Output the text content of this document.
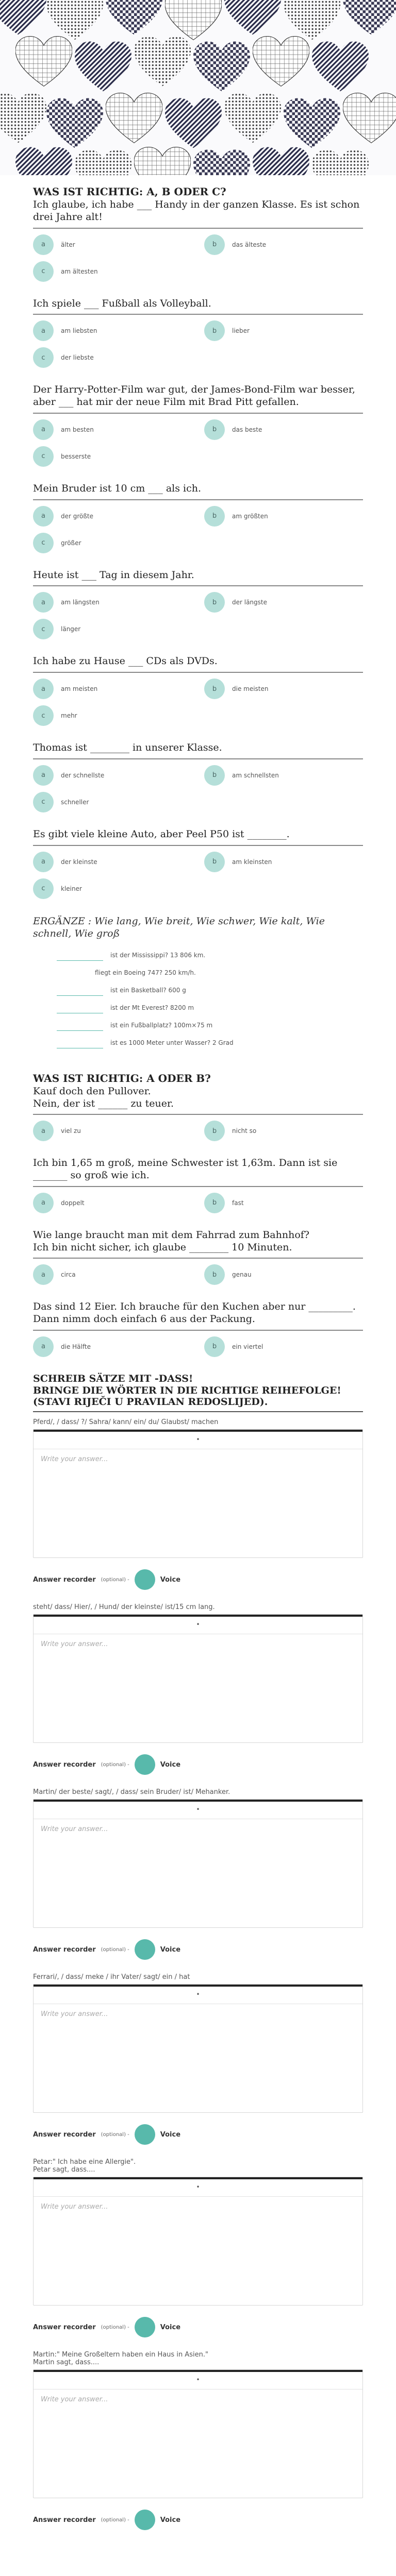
WAS IST RICHTIG: A, B ODER C?
Ich glaube, ich habe ___ Handy in der ganzen Klasse. Es ist schon drei Jahre alt!
a	älter	b	das älteste
c	am ältesten
Ich spiele ___ Fußball als Volleyball.
a	am liebsten	b	lieber
c	der liebste
Der Harry-Potter-Film war gut, der James-Bond-Film war besser, aber ___ hat mir der neue Film mit Brad Pitt gefallen.
a	am besten	b	das beste
c	besserste
Mein Bruder ist 10 cm ___ als ich.
a	der größte	b	am größten
c	größer
Heute ist ___ Tag in diesem Jahr.
a	am längsten	b	der längste
c	länger
Ich habe zu Hause ___ CDs als DVDs.
a	am meisten	b	die meisten
c	mehr
Thomas ist ________ in unserer Klasse.
a	der schnellste	b	am schnellsten
c	schneller
Es gibt viele kleine Auto, aber Peel P50 ist ________.
a	der kleinste	b	am kleinsten
c	kleiner
ERGÄNZE : Wie lang, Wie breit, Wie schwer, Wie kalt, Wie schnell, Wie groß
ist der Mississippi? 13 806 km.
fliegt ein Boeing 747? 250 km/h.
ist ein Basketball? 600 g
ist der Mt Everest? 8200 m
ist ein Fußballplatz? 100m×75 m
ist es 1000 Meter unter Wasser? 2 Grad
WAS IST RICHTIG: A ODER B?
Kauf doch den Pullover.
Nein, der ist ______ zu teuer.
a	viel zu	b	nicht so
Ich bin 1,65 m groß, meine Schwester ist 1,63m. Dann ist sie _______ so groß wie ich.
a	doppelt	b	fast
Wie lange braucht man mit dem Fahrrad zum Bahnhof?
Ich bin nicht sicher, ich glaube ________ 10 Minuten.
a	circa	b	genau
Das sind 12 Eier. Ich brauche für den Kuchen aber nur _________. Dann nimm doch einfach 6 aus der Packung.
a	die Hälfte	b	ein viertel
SCHREIB SÄTZE MIT -DASS!
BRINGE DIE WÖRTER IN DIE RICHTIGE REIHEFOLGE! (STAVI RIJEČI U PRAVILAN REDOSLIJED).
Pferd/, / dass/ ?/ Sahra/ kann/ ein/ du/ Glaubst/ machen
•
Write your answer...
Answer recorder (optional) -	Voice
steht/ dass/ Hier/, / Hund/ der kleinste/ ist/15 cm lang.
•
Write your answer...
Answer recorder (optional) -	Voice
Martin/ der beste/ sagt/, / dass/ sein Bruder/ ist/ Mehanker.
•
Write your answer...
Answer recorder (optional) -	Voice
Ferrari/, / dass/ meke / ihr Vater/ sagt/ ein / hat
•
Write your answer...
Answer recorder (optional) -	Voice
Petar:" Ich habe eine Allergie".
Petar sagt, dass....
•
Write your answer...
Answer recorder (optional) -	Voice
Martin:" Meine Großeltern haben ein Haus in Asien."
Martin sagt, dass....
•
Write your answer...
Answer recorder (optional) -	Voice
